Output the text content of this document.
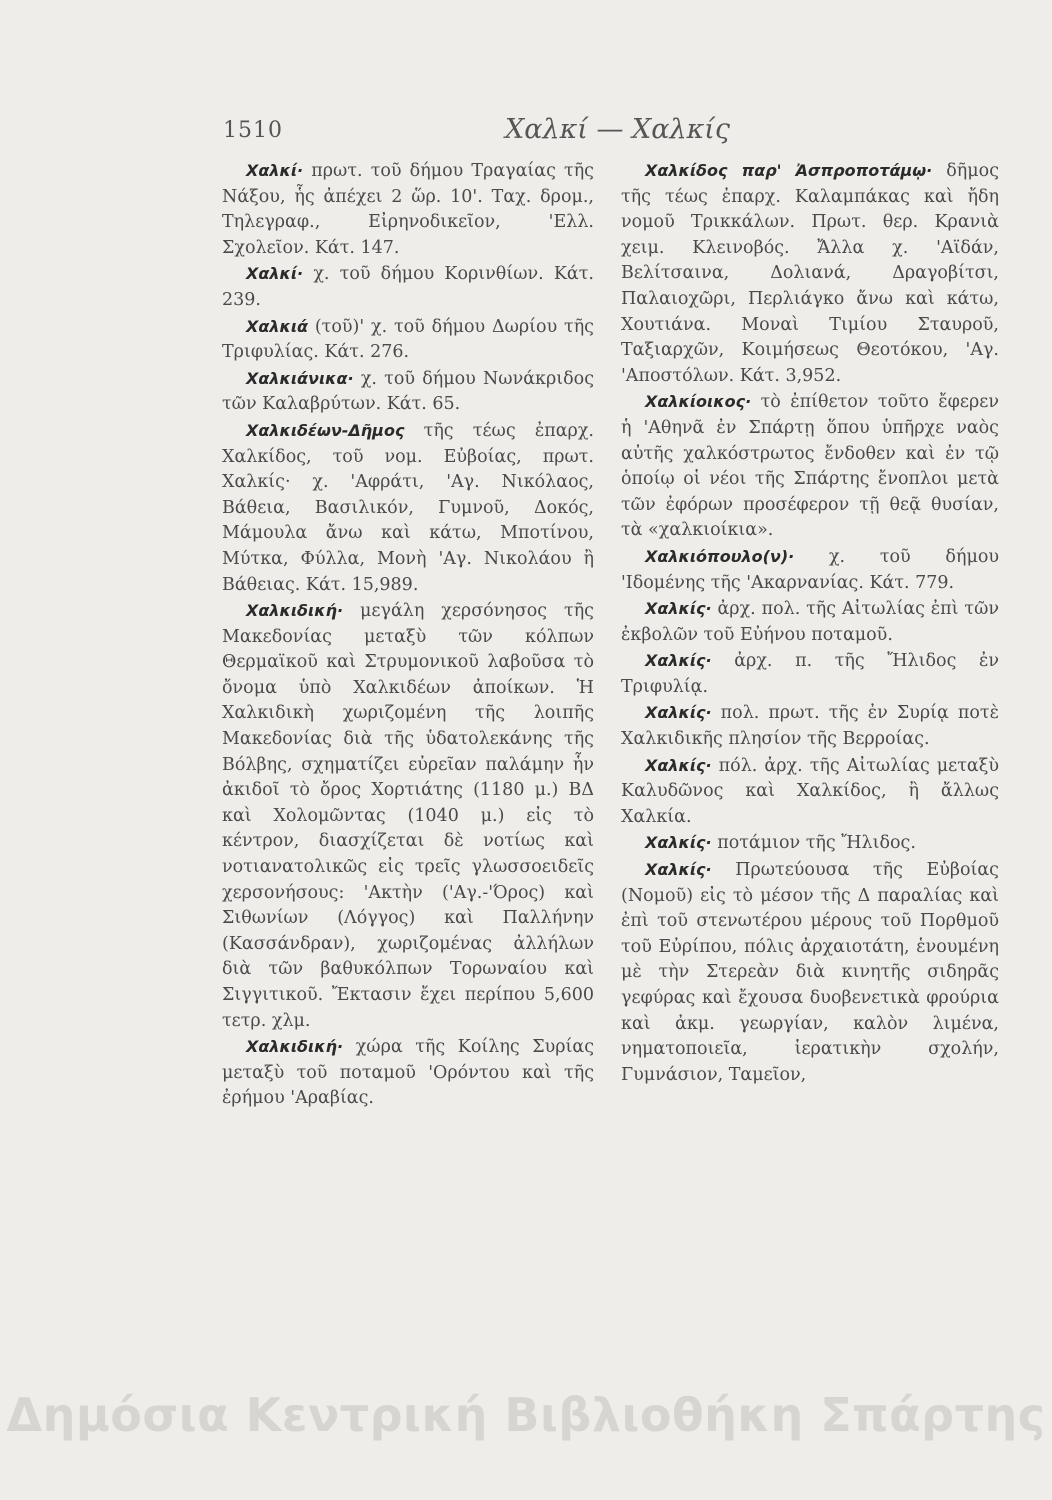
1510	Χαλκί — Χαλκίς

Χαλκί· πρωτ. τοῦ δήμου Τραγαίας τῆς Νάξου, ἧς ἀπέχει 2 ὥρ. 10'. Ταχ. δρομ., Τηλεγραφ., Εἰρηνοδικεῖον, 'Ελλ. Σχολεῖον. Κάτ. 147.

Χαλκί· χ. τοῦ δήμου Κορινθίων. Κάτ. 239.

Χαλκιά (τοῦ)' χ. τοῦ δήμου Δωρίου τῆς Τριφυλίας. Κάτ. 276.

Χαλκιάνικα· χ. τοῦ δήμου Νωνάκριδος τῶν Καλαβρύτων. Κάτ. 65.

Χαλκιδέων-Δῆμος τῆς τέως ἐπαρχ. Χαλκίδος, τοῦ νομ. Εὐβοίας, πρωτ. Χαλκίς· χ. 'Αφράτι, 'Αγ. Νικόλαος, Βάθεια, Βασιλικόν, Γυμνοῦ, Δοκός, Μάμουλα ἄνω καὶ κάτω, Μποτίνου, Μύτκα, Φύλλα, Μονὴ 'Αγ. Νικολάου ἢ Βάθειας. Κάτ. 15,989.

Χαλκιδική· μεγάλη χερσόνησος τῆς Μακεδονίας μεταξὺ τῶν κόλπων Θερμαϊκοῦ καὶ Στρυμονικοῦ λαβοῦσα τὸ ὄνομα ὑπὸ Χαλκιδέων ἀποίκων. Ἡ Χαλκιδικὴ χωριζομένη τῆς λοιπῆς Μακεδονίας διὰ τῆς ὑδατολεκάνης τῆς Βόλβης, σχηματίζει εὐρεῖαν παλάμην ἧν ἀκιδοῖ τὸ ὄρος Χορτιάτης (1180 μ.) ΒΔ καὶ Χολομῶντας (1040 μ.) εἰς τὸ κέντρον, διασχίζεται δὲ νοτίως καὶ νοτιανατολικῶς εἰς τρεῖς γλωσσοειδεῖς χερσονήσους: 'Ακτὴν ('Αγ.-'Όρος) καὶ Σιθωνίων (Λόγγος) καὶ Παλλήνην (Κασσάνδραν), χωριζομένας ἀλλήλων διὰ τῶν βαθυκόλπων Τορωναίου καὶ Σιγγιτικοῦ. Ἔκτασιν ἔχει περίπου 5,600 τετρ. χλμ.

Χαλκιδική· χώρα τῆς Κοίλης Συρίας μεταξὺ τοῦ ποταμοῦ 'Ορόντου καὶ τῆς ἐρήμου 'Αραβίας.

Χαλκίδος παρ' Ἀσπροποτάμῳ· δῆμος τῆς τέως ἐπαρχ. Καλαμπάκας καὶ ἤδη νομοῦ Τρικκάλων. Πρωτ. θερ. Κρανιὰ χειμ. Κλεινοβός. Ἄλλα χ. 'Αϊδάν, Βελίτσαινα, Δολιανά, Δραγοβίτσι, Παλαιοχῶρι, Περλιάγκο ἄνω καὶ κάτω, Χουτιάνα. Μοναὶ Τιμίου Σταυροῦ, Ταξιαρχῶν, Κοιμήσεως Θεοτόκου, 'Αγ. 'Αποστόλων. Κάτ. 3,952.

Χαλκίοικος· τὸ ἐπίθετον τοῦτο ἔφερεν ἡ 'Αθηνᾶ ἐν Σπάρτῃ ὅπου ὑπῆρχε ναὸς αὐτῆς χαλκόστρωτος ἔνδοθεν καὶ ἐν τῷ ὁποίῳ οἱ νέοι τῆς Σπάρτης ἔνοπλοι μετὰ τῶν ἐφόρων προσέφερον τῇ θεᾷ θυσίαν, τὰ «χαλκιοίκια».

Χαλκιόπουλο(ν)· χ. τοῦ δήμου 'Ιδομένης τῆς 'Ακαρνανίας. Κάτ. 779.

Χαλκίς· ἀρχ. πολ. τῆς Αἰτωλίας ἐπὶ τῶν ἐκβολῶν τοῦ Εὐήνου ποταμοῦ.

Χαλκίς· ἀρχ. π. τῆς Ἤλιδος ἐν Τριφυλίᾳ.

Χαλκίς· πολ. πρωτ. τῆς ἐν Συρίᾳ ποτὲ Χαλκιδικῆς πλησίον τῆς Βερροίας.

Χαλκίς· πόλ. ἀρχ. τῆς Αἰτωλίας μεταξὺ Καλυδῶνος καὶ Χαλκίδος, ἢ ἄλλως Χαλκία.

Χαλκίς· ποτάμιον τῆς Ἤλιδος.

Χαλκίς· Πρωτεύουσα τῆς Εὐβοίας (Νομοῦ) εἰς τὸ μέσον τῆς Δ παραλίας καὶ ἐπὶ τοῦ στενωτέρου μέρους τοῦ Πορθμοῦ τοῦ Εὐρίπου, πόλις ἀρχαιοτάτη, ἑνουμένη μὲ τὴν Στερεὰν διὰ κινητῆς σιδηρᾶς γεφύρας καὶ ἔχουσα δυοβενετικὰ φρούρια καὶ ἀκμ. γεωργίαν, καλὸν λιμένα, νηματοποιεῖα, ἱερατικὴν σχολήν, Γυμνάσιον, Ταμεῖον,

Δημόσια Κεντρική Βιβλιοθήκη Σπάρτης
